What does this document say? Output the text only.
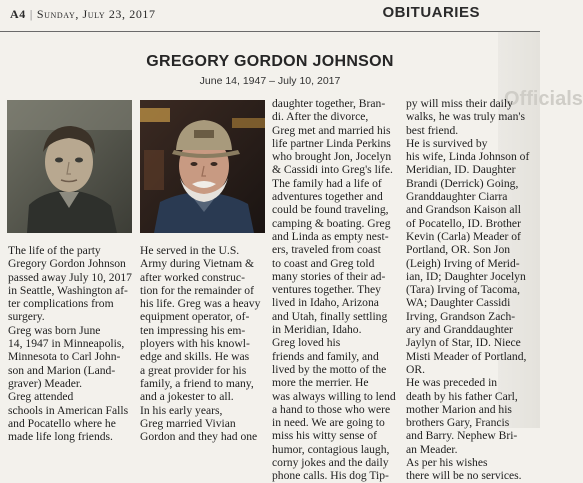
A4 | Sunday, July 23, 2017	OBITUARIES
Officials
GREGORY GORDON JOHNSON
June 14, 1947 – July 10, 2017

The life of the party
Gregory Gordon Johnson
passed away July 10, 2017
in Seattle, Washington af-
ter complications from
surgery.
Greg was born June
14, 1947 in Minneapolis,
Minnesota to Carl John-
son and Marion (Land-
graver) Meader.
Greg attended
schools in American Falls
and Pocatello where he
made life long friends.

He served in the U.S.
Army during Vietnam &
after worked construc-
tion for the remainder of
his life. Greg was a heavy
equipment operator, of-
ten impressing his em-
ployers with his knowl-
edge and skills. He was
a great provider for his
family, a friend to many,
and a jokester to all.
In his early years,
Greg married Vivian
Gordon and they had one

daughter together, Bran-
di. After the divorce,
Greg met and married his
life partner Linda Perkins
who brought Jon, Jocelyn
& Cassidi into Greg's life.
The family had a life of
adventures together and
could be found traveling,
camping & boating. Greg
and Linda as empty nest-
ers, traveled from coast
to coast and Greg told
many stories of their ad-
ventures together. They
lived in Idaho, Arizona
and Utah, finally settling
in Meridian, Idaho.
Greg loved his
friends and family, and
lived by the motto of the
more the merrier. He
was always willing to lend
a hand to those who were
in need. We are going to
miss his witty sense of
humor, contagious laugh,
corny jokes and the daily
phone calls. His dog Tip-

py will miss their daily
walks, he was truly man's
best friend.
He is survived by
his wife, Linda Johnson of
Meridian, ID. Daughter
Brandi (Derrick) Going,
Granddaughter Ciarra
and Grandson Kaison all
of Pocatello, ID. Brother
Kevin (Carla) Meader of
Portland, OR. Son Jon
(Leigh) Irving of Merid-
ian, ID; Daughter Jocelyn
(Tara) Irving of Tacoma,
WA; Daughter Cassidi
Irving, Grandson Zach-
ary and Granddaughter
Jaylyn of Star, ID. Niece
Misti Meader of Portland,
OR.
He was preceded in
death by his father Carl,
mother Marion and his
brothers Gary, Francis
and Barry. Nephew Bri-
an Meader.
As per his wishes
there will be no services.
